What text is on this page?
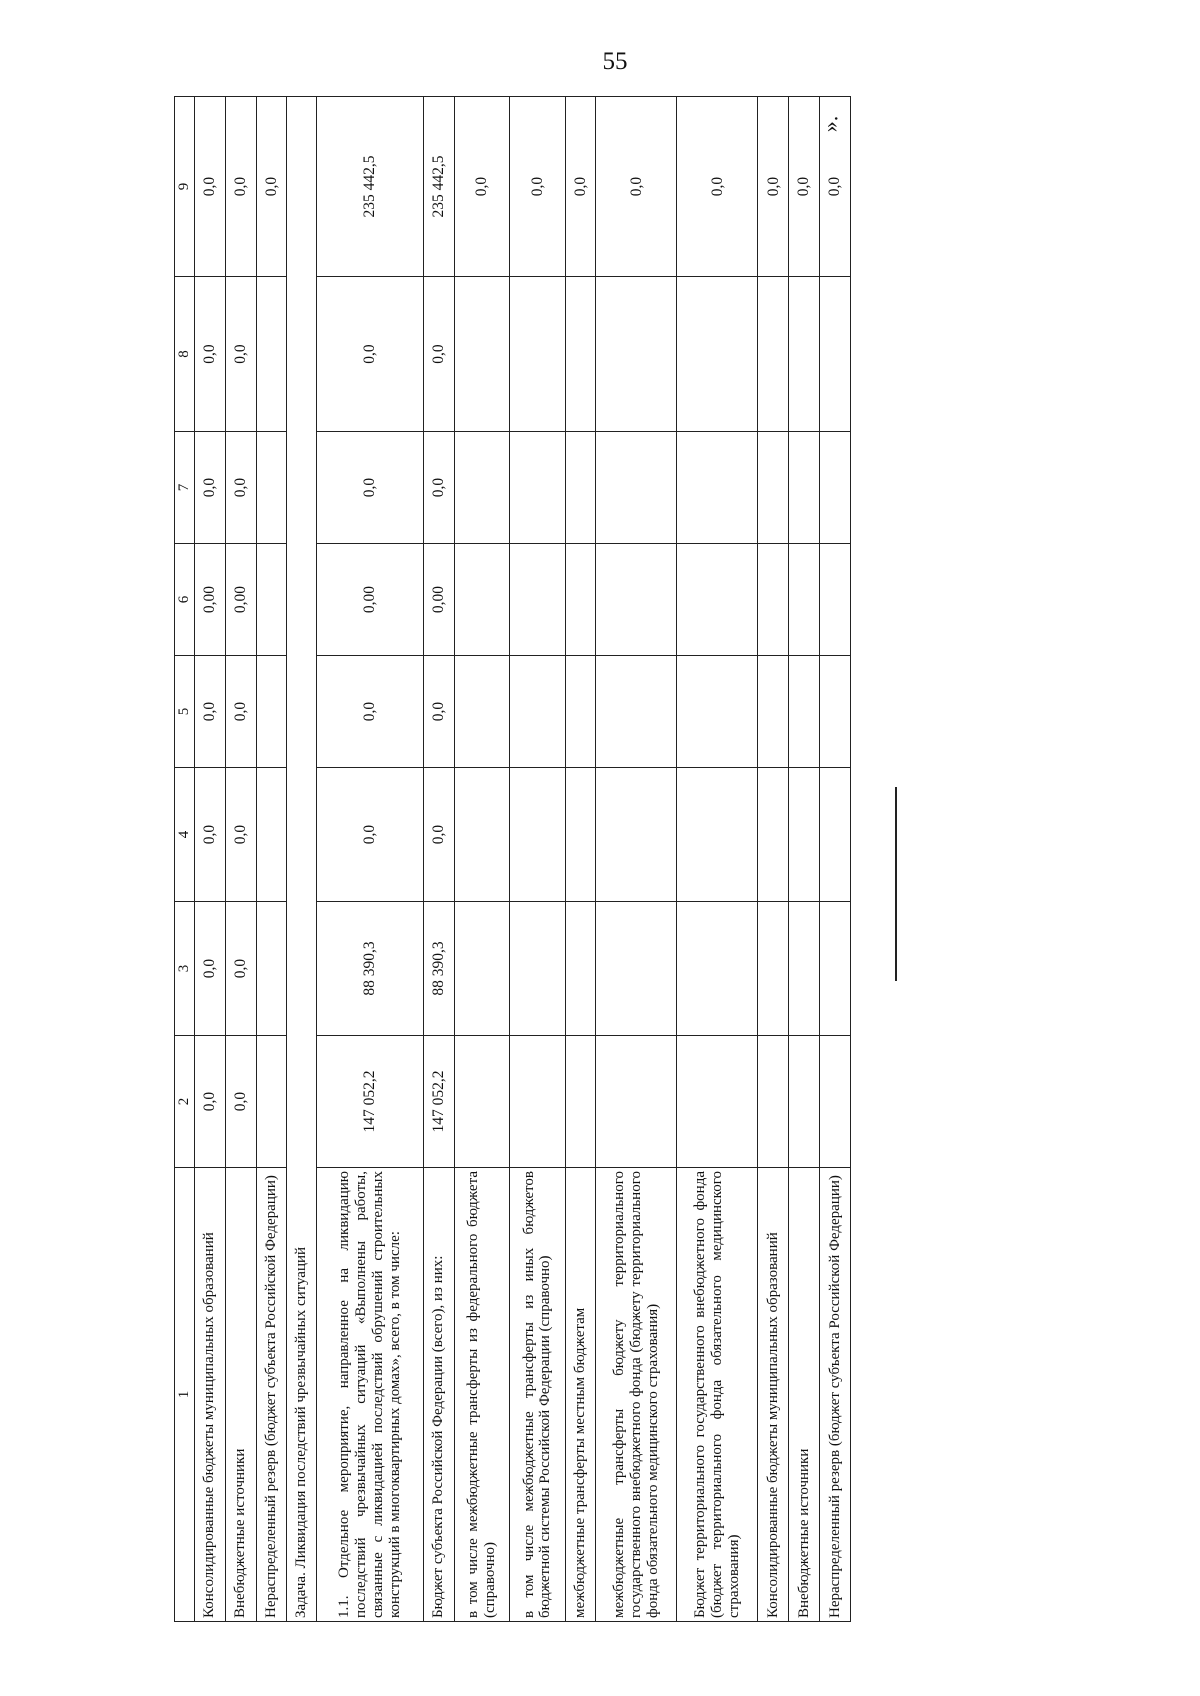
55
1	2	3	4	5	6	7	8	9
Консолидированные бюджеты муниципальных образований	0,0	0,0	0,0	0,0	0,00	0,0	0,0	0,0
Внебюджетные источники	0,0	0,0	0,0	0,0	0,00	0,0	0,0	0,0
Нераспределенный резерв (бюджет субъекта Российской Федерации)								0,0
Задача. Ликвидация последствий чрезвычайных ситуаций								
1.1. Отдельное мероприятие, направленное на ликвидацию последствий чрезвычайных ситуаций «Выполнены работы, связанные с ликвидацией последствий обрушений строительных конструкций в многоквартирных домах», всего, в том числе:	147 052,2	88 390,3	0,0	0,0	0,00	0,0	0,0	235 442,5
Бюджет субъекта Российской Федерации (всего), из них:	147 052,2	88 390,3	0,0	0,0	0,00	0,0	0,0	235 442,5
в том числе межбюджетные трансферты из федерального бюджета (справочно)								0,0
в том числе межбюджетные трансферты из иных бюджетов бюджетной системы Российской Федерации (справочно)								0,0
межбюджетные трансферты местным бюджетам								0,0
межбюджетные трансферты бюджету территориального государственного внебюджетного фонда (бюджету территориального фонда обязательного медицинского страхования)								0,0
Бюджет территориального государственного внебюджетного фонда (бюджет территориального фонда обязательного медицинского страхования)								0,0
Консолидированные бюджеты муниципальных образований								0,0
Внебюджетные источники								0,0
Нераспределенный резерв (бюджет субъекта Российской Федерации)								0,0
».
